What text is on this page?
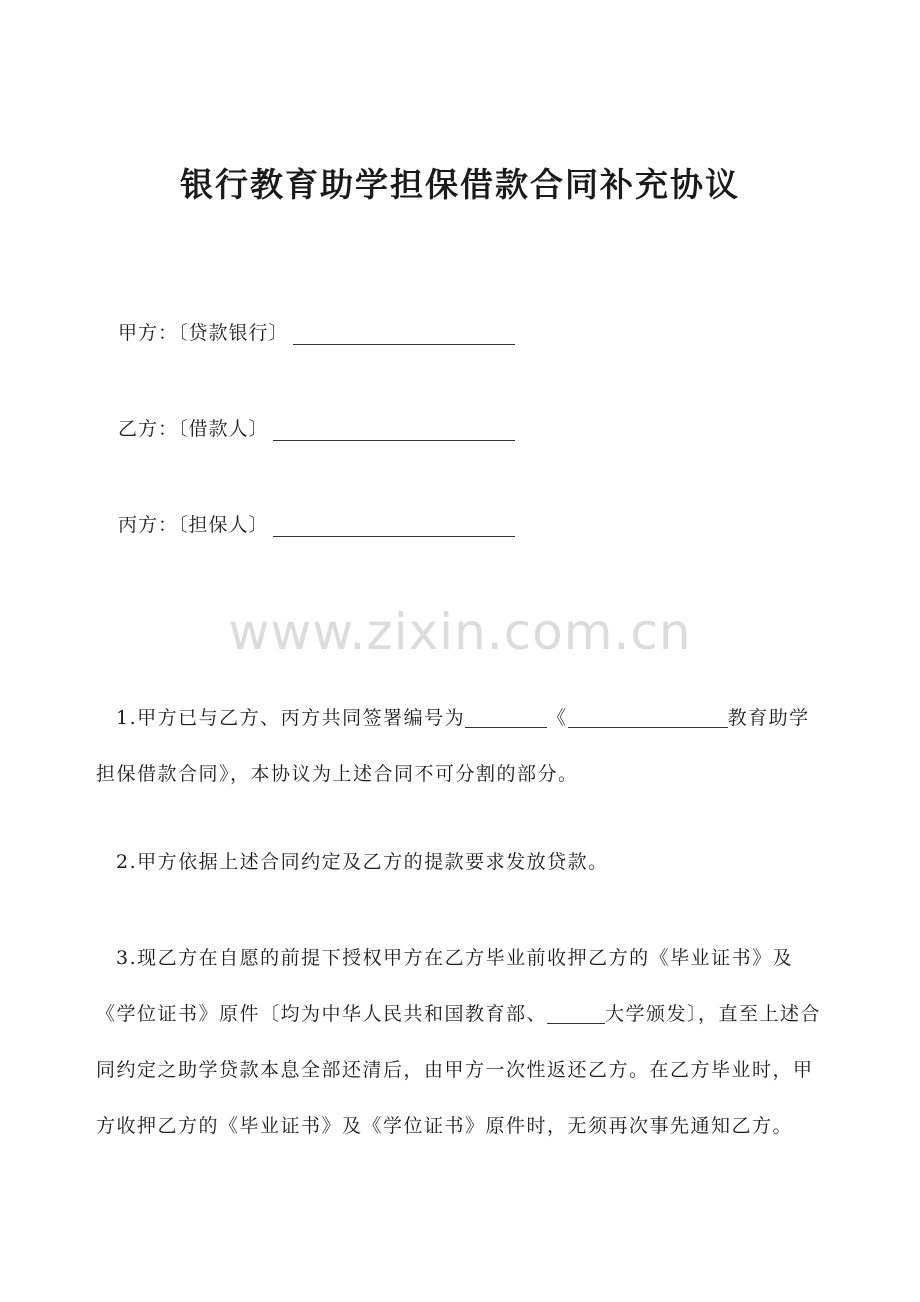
银行教育助学担保借款合同补充协议
甲方：〔贷款银行〕
乙方：〔借款人〕
丙方：〔担保人〕
www.zixin.com.cn

1.甲方已与乙方、丙方共同签署编号为	《	教育助学担保借款合同》，本协议为上述合同不可分割的部分。

2.甲方依据上述合同约定及乙方的提款要求发放贷款。

3.现乙方在自愿的前提下授权甲方在乙方毕业前收押乙方的《毕业证书》及《学位证书》原件〔均为中华人民共和国教育部、	大学颁发〕，直至上述合同约定之助学贷款本息全部还清后，由甲方一次性返还乙方。在乙方毕业时，甲方收押乙方的《毕业证书》及《学位证书》原件时，无须再次事先通知乙方。
